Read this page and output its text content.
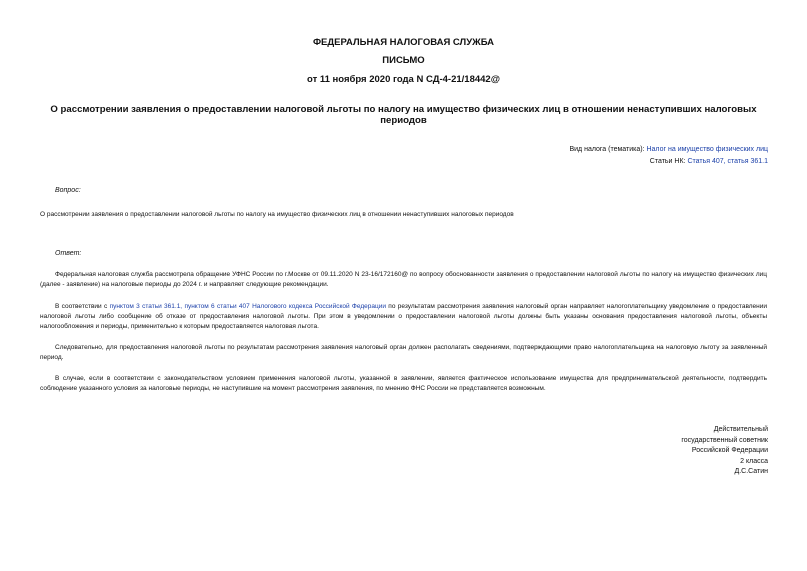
ФЕДЕРАЛЬНАЯ НАЛОГОВАЯ СЛУЖБА
ПИСЬМО
от 11 ноября 2020 года N СД-4-21/18442@
О рассмотрении заявления о предоставлении налоговой льготы по налогу на имущество физических лиц в отношении ненаступивших налоговых периодов
Вид налога (тематика): Налог на имущество физических лиц
Статьи НК: Статья 407, статья 361.1
Вопрос:
О рассмотрении заявления о предоставлении налоговой льготы по налогу на имущество физических лиц в отношении ненаступивших налоговых периодов
Ответ:
Федеральная налоговая служба рассмотрела обращение УФНС России по г.Москве от 09.11.2020 N 23-16/172160@ по вопросу обоснованности заявления о предоставлении налоговой льготы по налогу на имущество физических лиц (далее - заявление) на налоговые периоды до 2024 г. и направляет следующие рекомендации.
В соответствии с пунктом 3 статьи 361.1, пунктом 6 статьи 407 Налогового кодекса Российской Федерации по результатам рассмотрения заявления налоговый орган направляет налогоплательщику уведомление о предоставлении налоговой льготы либо сообщение об отказе от предоставления налоговой льготы. При этом в уведомлении о предоставлении налоговой льготы должны быть указаны основания предоставления налоговой льготы, объекты налогообложения и периоды, применительно к которым предоставляется налоговая льгота.
Следовательно, для предоставления налоговой льготы по результатам рассмотрения заявления налоговый орган должен располагать сведениями, подтверждающими право налогоплательщика на налоговую льготу за заявленный период.
В случае, если в соответствии с законодательством условием применения налоговой льготы, указанной в заявлении, является фактическое использование имущества для предпринимательской деятельности, подтвердить соблюдение указанного условия за налоговые периоды, не наступившие на момент рассмотрения заявления, по мнению ФНС России не представляется возможным.
Действительный
государственный советник
Российской Федерации
2 класса
Д.С.Сатин
